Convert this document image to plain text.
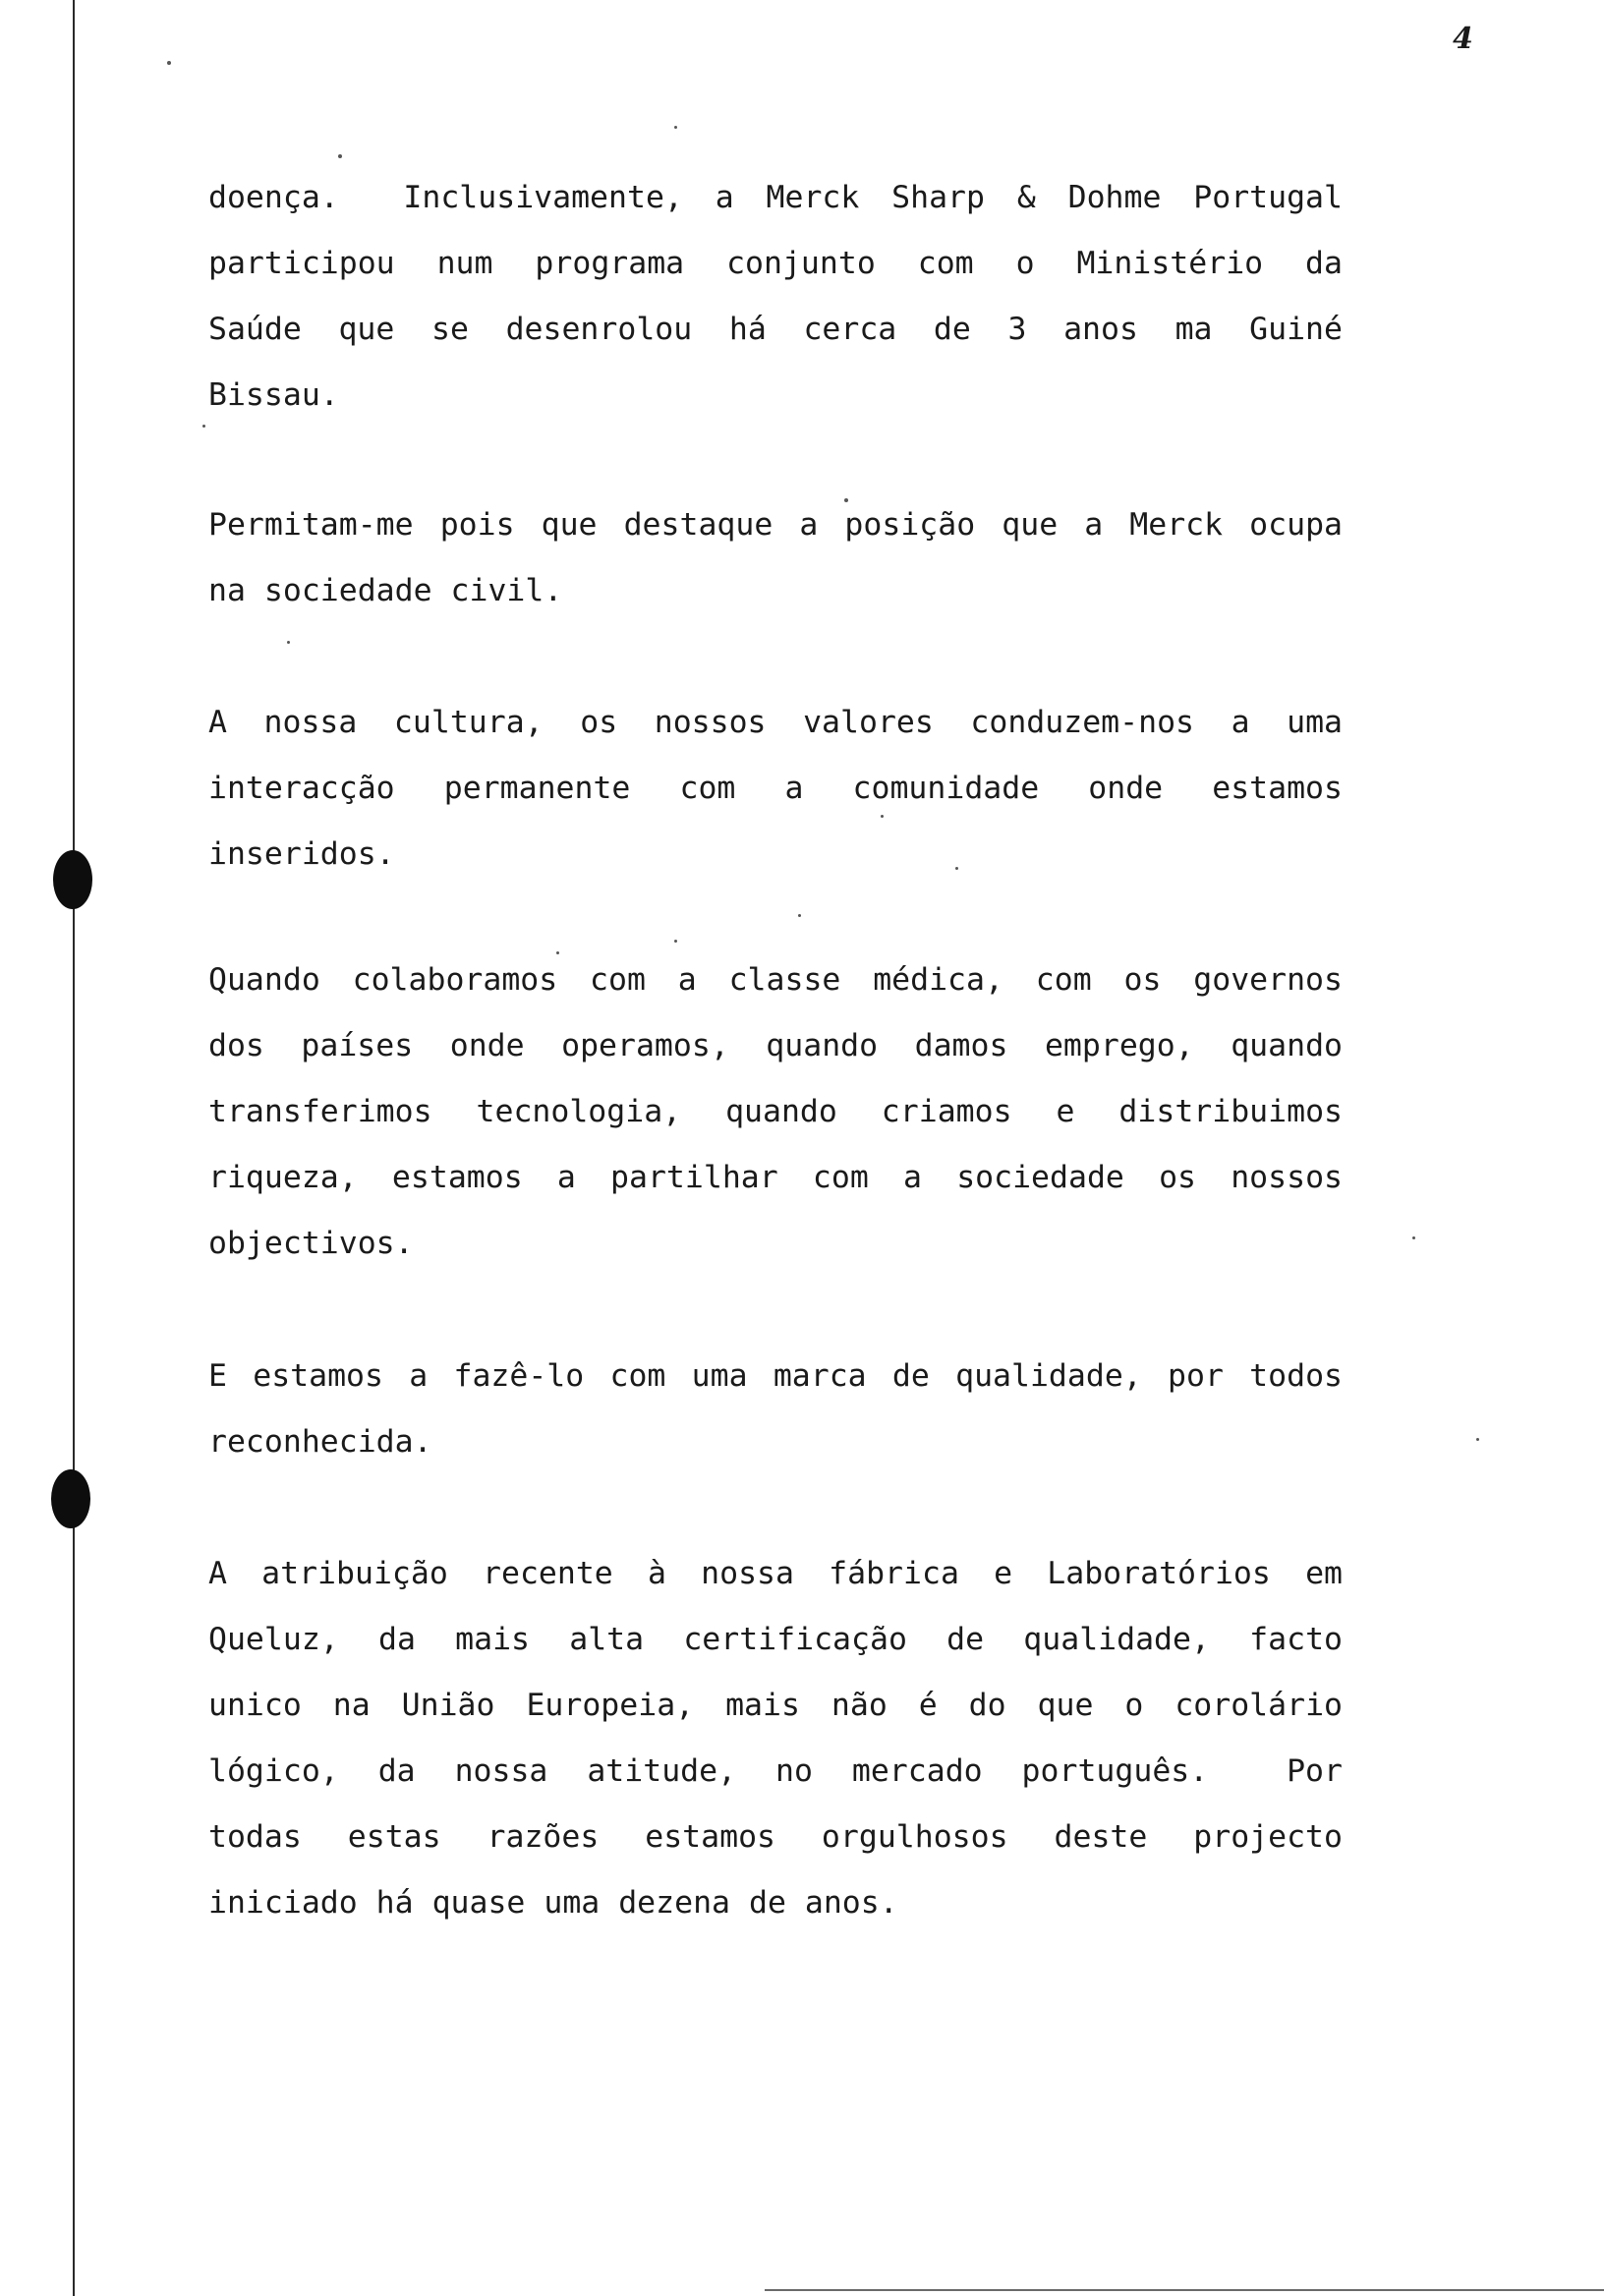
4
doença.  Inclusivamente, a Merck Sharp & Dohme Portugal
participou num programa conjunto com o Ministério da
Saúde que se desenrolou há cerca de 3 anos ma Guiné
Bissau.
Permitam-me pois que destaque a posição que a Merck ocupa
na sociedade civil.
A nossa cultura, os nossos valores conduzem-nos a uma
interacção permanente com a comunidade onde estamos
inseridos.
Quando colaboramos com a classe médica, com os governos
dos países onde operamos, quando damos emprego, quando
transferimos tecnologia, quando criamos e distribuimos
riqueza, estamos a partilhar com a sociedade os nossos
objectivos.
E estamos a fazê-lo com uma marca de qualidade, por todos
reconhecida.
A atribuição recente à nossa fábrica e Laboratórios em
Queluz, da mais alta certificação de qualidade, facto
unico na União Europeia, mais não é do que o corolário
lógico, da nossa atitude, no mercado português.  Por
todas estas razões estamos orgulhosos deste projecto
iniciado há quase uma dezena de anos.
